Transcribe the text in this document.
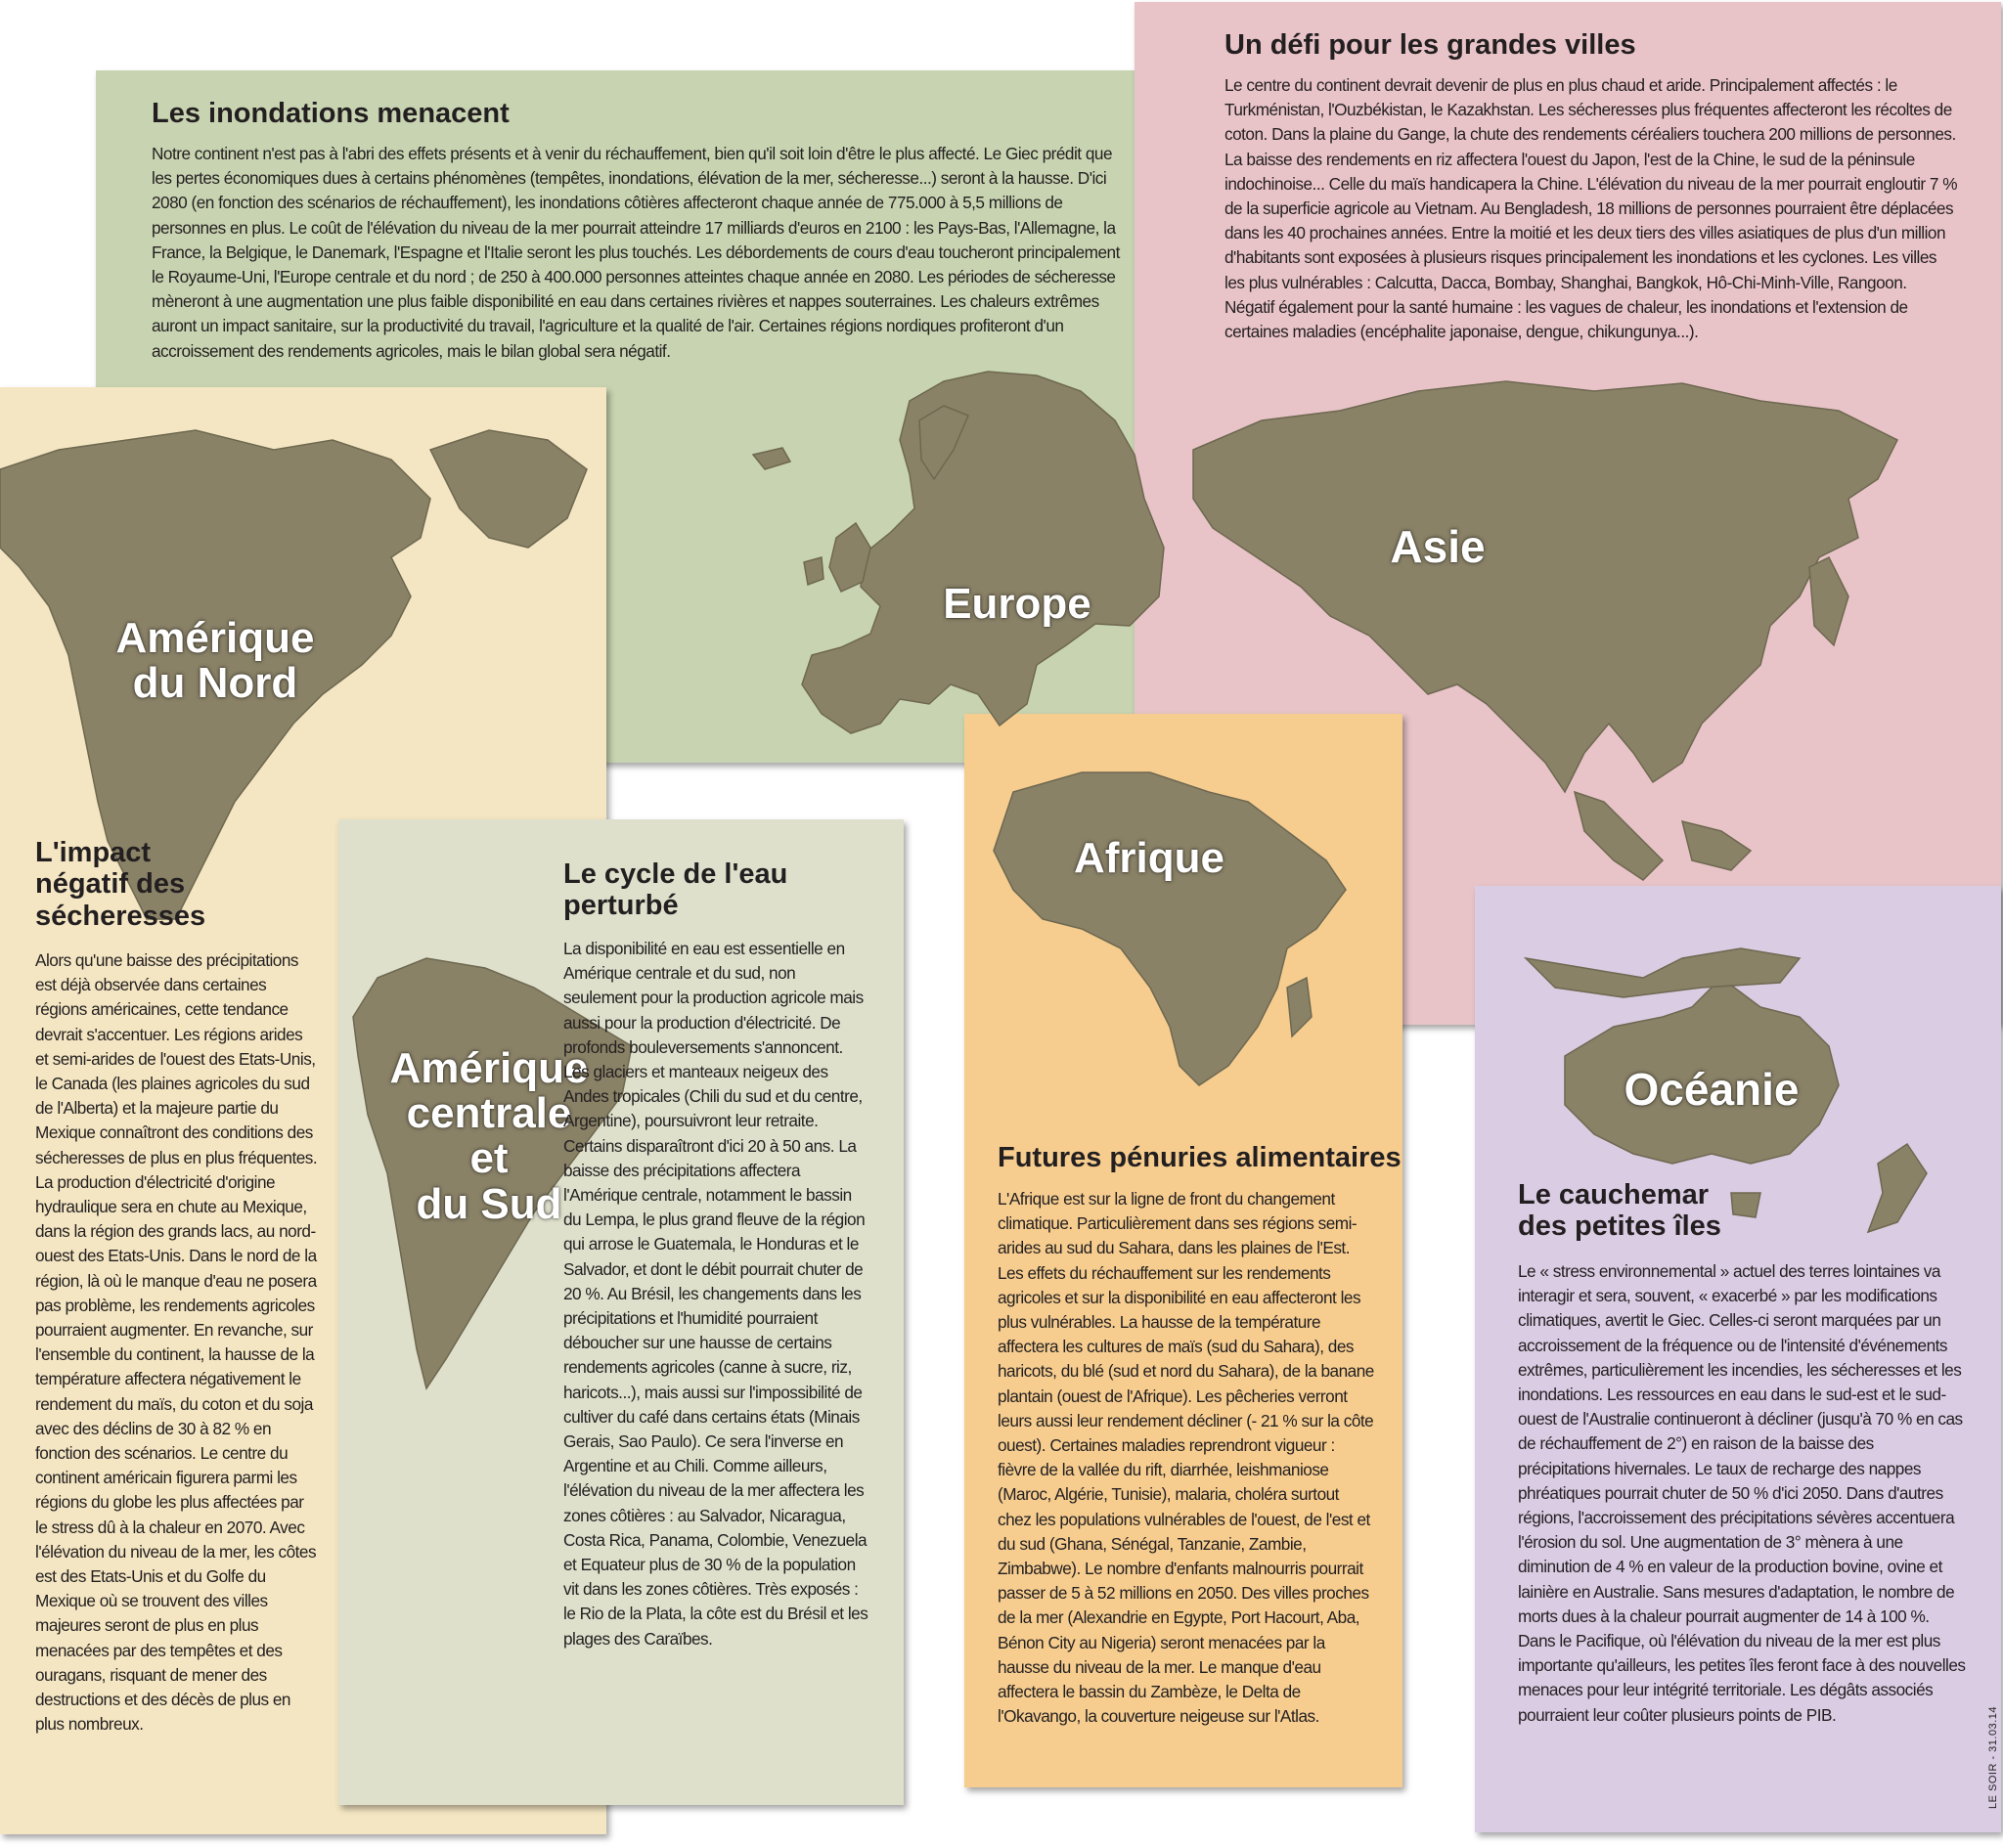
Europe
Asie
Amérique
du Nord
Amérique
centrale
et
du Sud
Afrique
Océanie
Les inondations menacent
Un défi pour les grandes villes
L'impact
négatif des
sécheresses
Le cycle de l'eau
perturbé
Futures pénuries alimentaires
Le cauchemar
des petites îles
Notre continent n'est pas à l'abri des effets présents et à venir du réchauffement, bien qu'il soit loin d'être le plus affecté. Le Giec prédit que les pertes économiques dues à certains phénomènes (tempêtes, inondations, élévation de la mer, sécheresse...) seront à la hausse. D'ici 2080 (en fonction des scénarios de réchauffement), les inondations côtières affecteront chaque année de 775.000 à 5,5 millions de personnes en plus. Le coût de l'élévation du niveau de la mer pourrait atteindre 17 milliards d'euros en 2100 : les Pays-Bas, l'Allemagne, la France, la Belgique, le Danemark, l'Espagne et l'Italie seront les plus touchés. Les débordements de cours d'eau toucheront principalement le Royaume-Uni, l'Europe centrale et du nord ; de 250 à 400.000 personnes atteintes chaque année en 2080. Les périodes de sécheresse mèneront à une augmentation une plus faible disponibilité en eau dans certaines rivières et nappes souterraines. Les chaleurs extrêmes auront un impact sanitaire, sur la productivité du travail, l'agriculture et la qualité de l'air. Certaines régions nordiques profiteront d'un accroissement des rendements agricoles, mais le bilan global sera négatif.
Le centre du continent devrait devenir de plus en plus chaud et aride. Principalement affectés : le Turkménistan, l'Ouzbékistan, le Kazakhstan. Les sécheresses plus fréquentes affecteront les récoltes de coton. Dans la plaine du Gange, la chute des rendements céréaliers touchera 200 millions de personnes. La baisse des rendements en riz affectera l'ouest du Japon, l'est de la Chine, le sud de la péninsule indochinoise... Celle du maïs handicapera la Chine. L'élévation du niveau de la mer pourrait engloutir 7 % de la superficie agricole au Vietnam. Au Bengladesh, 18 millions de personnes pourraient être déplacées dans les 40 prochaines années. Entre la moitié et les deux tiers des villes asiatiques de plus d'un million d'habitants sont exposées à plusieurs risques principalement les inondations et les cyclones. Les villes les plus vulnérables : Calcutta, Dacca, Bombay, Shanghai, Bangkok, Hô-Chi-Minh-Ville, Rangoon. Négatif également pour la santé humaine : les vagues de chaleur, les inondations et l'extension de certaines maladies (encéphalite japonaise, dengue, chikungunya...).
Alors qu'une baisse des précipitations est déjà observée dans certaines régions américaines, cette tendance devrait s'accentuer. Les régions arides et semi-arides de l'ouest des Etats-Unis, le Canada (les plaines agricoles du sud de l'Alberta) et la majeure partie du Mexique connaîtront des conditions des sécheresses de plus en plus fréquentes. La production d'électricité d'origine hydraulique sera en chute au Mexique, dans la région des grands lacs, au nord-ouest des Etats-Unis. Dans le nord de la région, là où le manque d'eau ne posera pas problème, les rendements agricoles pourraient augmenter. En revanche, sur l'ensemble du continent, la hausse de la température affectera négativement le rendement du maïs, du coton et du soja avec des déclins de 30 à 82 % en fonction des scénarios. Le centre du continent américain figurera parmi les régions du globe les plus affectées par le stress dû à la chaleur en 2070. Avec l'élévation du niveau de la mer, les côtes est des Etats-Unis et du Golfe du Mexique où se trouvent des villes majeures seront de plus en plus menacées par des tempêtes et des ouragans, risquant de mener des destructions et des décès de plus en plus nombreux.
La disponibilité en eau est essentielle en Amérique centrale et du sud, non seulement pour la production agricole mais aussi pour la production d'électricité. De profonds bouleversements s'annoncent. Les glaciers et manteaux neigeux des Andes tropicales (Chili du sud et du centre, Argentine), poursuivront leur retraite. Certains disparaîtront d'ici 20 à 50 ans. La baisse des précipitations affectera l'Amérique centrale, notamment le bassin du Lempa, le plus grand fleuve de la région qui arrose le Guatemala, le Honduras et le Salvador, et dont le débit pourrait chuter de 20 %. Au Brésil, les changements dans les précipitations et l'humidité pourraient déboucher sur une hausse de certains rendements agricoles (canne à sucre, riz, haricots...), mais aussi sur l'impossibilité de cultiver du café dans certains états (Minais Gerais, Sao Paulo). Ce sera l'inverse en Argentine et au Chili. Comme ailleurs, l'élévation du niveau de la mer affectera les zones côtières : au Salvador, Nicaragua, Costa Rica, Panama, Colombie, Venezuela et Equateur plus de 30 % de la population vit dans les zones côtières. Très exposés : le Rio de la Plata, la côte est du Brésil et les plages des Caraïbes.
L'Afrique est sur la ligne de front du changement climatique. Particulièrement dans ses régions semi-arides au sud du Sahara, dans les plaines de l'Est. Les effets du réchauffement sur les rendements agricoles et sur la disponibilité en eau affecteront les plus vulnérables. La hausse de la température affectera les cultures de maïs (sud du Sahara), des haricots, du blé (sud et nord du Sahara), de la banane plantain (ouest de l'Afrique). Les pêcheries verront leurs aussi leur rendement décliner (- 21 % sur la côte ouest). Certaines maladies reprendront vigueur : fièvre de la vallée du rift, diarrhée, leishmaniose (Maroc, Algérie, Tunisie), malaria, choléra surtout chez les populations vulnérables de l'ouest, de l'est et du sud (Ghana, Sénégal, Tanzanie, Zambie, Zimbabwe). Le nombre d'enfants malnourris pourrait passer de 5 à 52 millions en 2050. Des villes proches de la mer (Alexandrie en Egypte, Port Hacourt, Aba, Bénon City au Nigeria) seront menacées par la hausse du niveau de la mer. Le manque d'eau affectera le bassin du Zambèze, le Delta de l'Okavango, la couverture neigeuse sur l'Atlas.
Le « stress environnemental » actuel des terres lointaines va interagir et sera, souvent, « exacerbé » par les modifications climatiques, avertit le Giec. Celles-ci seront marquées par un accroissement de la fréquence ou de l'intensité d'événements extrêmes, particulièrement les incendies, les sécheresses et les inondations. Les ressources en eau dans le sud-est et le sud-ouest de l'Australie continueront à décliner (jusqu'à 70 % en cas de réchauffement de 2°) en raison de la baisse des précipitations hivernales. Le taux de recharge des nappes phréatiques pourrait chuter de 50 % d'ici 2050. Dans d'autres régions, l'accroissement des précipitations sévères accentuera l'érosion du sol. Une augmentation de 3° mènera à une diminution de 4 % en valeur de la production bovine, ovine et lainière en Australie. Sans mesures d'adaptation, le nombre de morts dues à la chaleur pourrait augmenter de 14 à 100 %. Dans le Pacifique, où l'élévation du niveau de la mer est plus importante qu'ailleurs, les petites îles feront face à des nouvelles menaces pour leur intégrité territoriale. Les dégâts associés pourraient leur coûter plusieurs points de PIB.	LE SOIR - 31.03.14
